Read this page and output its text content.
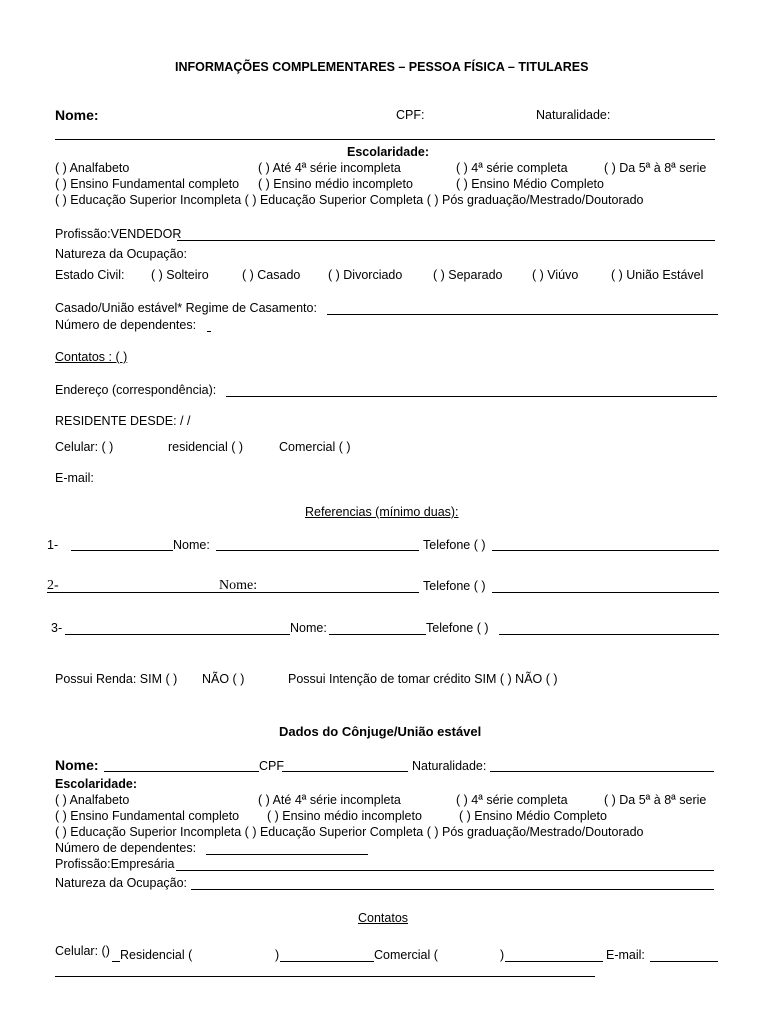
INFORMAÇÕES COMPLEMENTARES – PESSOA FÍSICA – TITULARES
Nome:	CPF:	Naturalidade:
Escolaridade:
( ) Analfabeto	( ) Até 4ª série incompleta	( ) 4ª série completa	( ) Da 5ª à 8ª serie
( ) Ensino Fundamental completo ( ) Ensino médio incompleto	( ) Ensino Médio Completo
( ) Educação Superior Incompleta ( ) Educação Superior Completa ( ) Pós graduação/Mestrado/Doutorado
Profissão:VENDEDOR
Natureza da Ocupação:
Estado Civil: ( ) Solteiro	( ) Casado ( ) Divorciado ( ) Separado ( ) Viúvo	( ) União Estável
Casado/União estável* Regime de Casamento:
Número de dependentes:
Contatos : ( )
Endereço (correspondência):
RESIDENTE DESDE: / /
Celular: ( )	residencial ( )	Comercial ( )
E-mail:
Referencias (mínimo duas):
1-	Nome:	Telefone ( )
2-	Nome:	Telefone ( )
3-	Nome:	Telefone ( )
Possui Renda: SIM ( ) NÃO ( )	Possui Intenção de tomar crédito SIM ( ) NÃO ( )
Dados do Cônjuge/União estável
Nome:	CPF	Naturalidade:
Escolaridade:
( ) Analfabeto	( ) Até 4ª série incompleta	( ) 4ª série completa	( ) Da 5ª à 8ª serie
( ) Ensino Fundamental completo ( ) Ensino médio incompleto	( ) Ensino Médio Completo
( ) Educação Superior Incompleta ( ) Educação Superior Completa ( ) Pós graduação/Mestrado/Doutorado
Número de dependentes:
Profissão:Empresária
Natureza da Ocupação:
Contatos
Celular: () Residencial (	)	Comercial (	)	E-mail:
